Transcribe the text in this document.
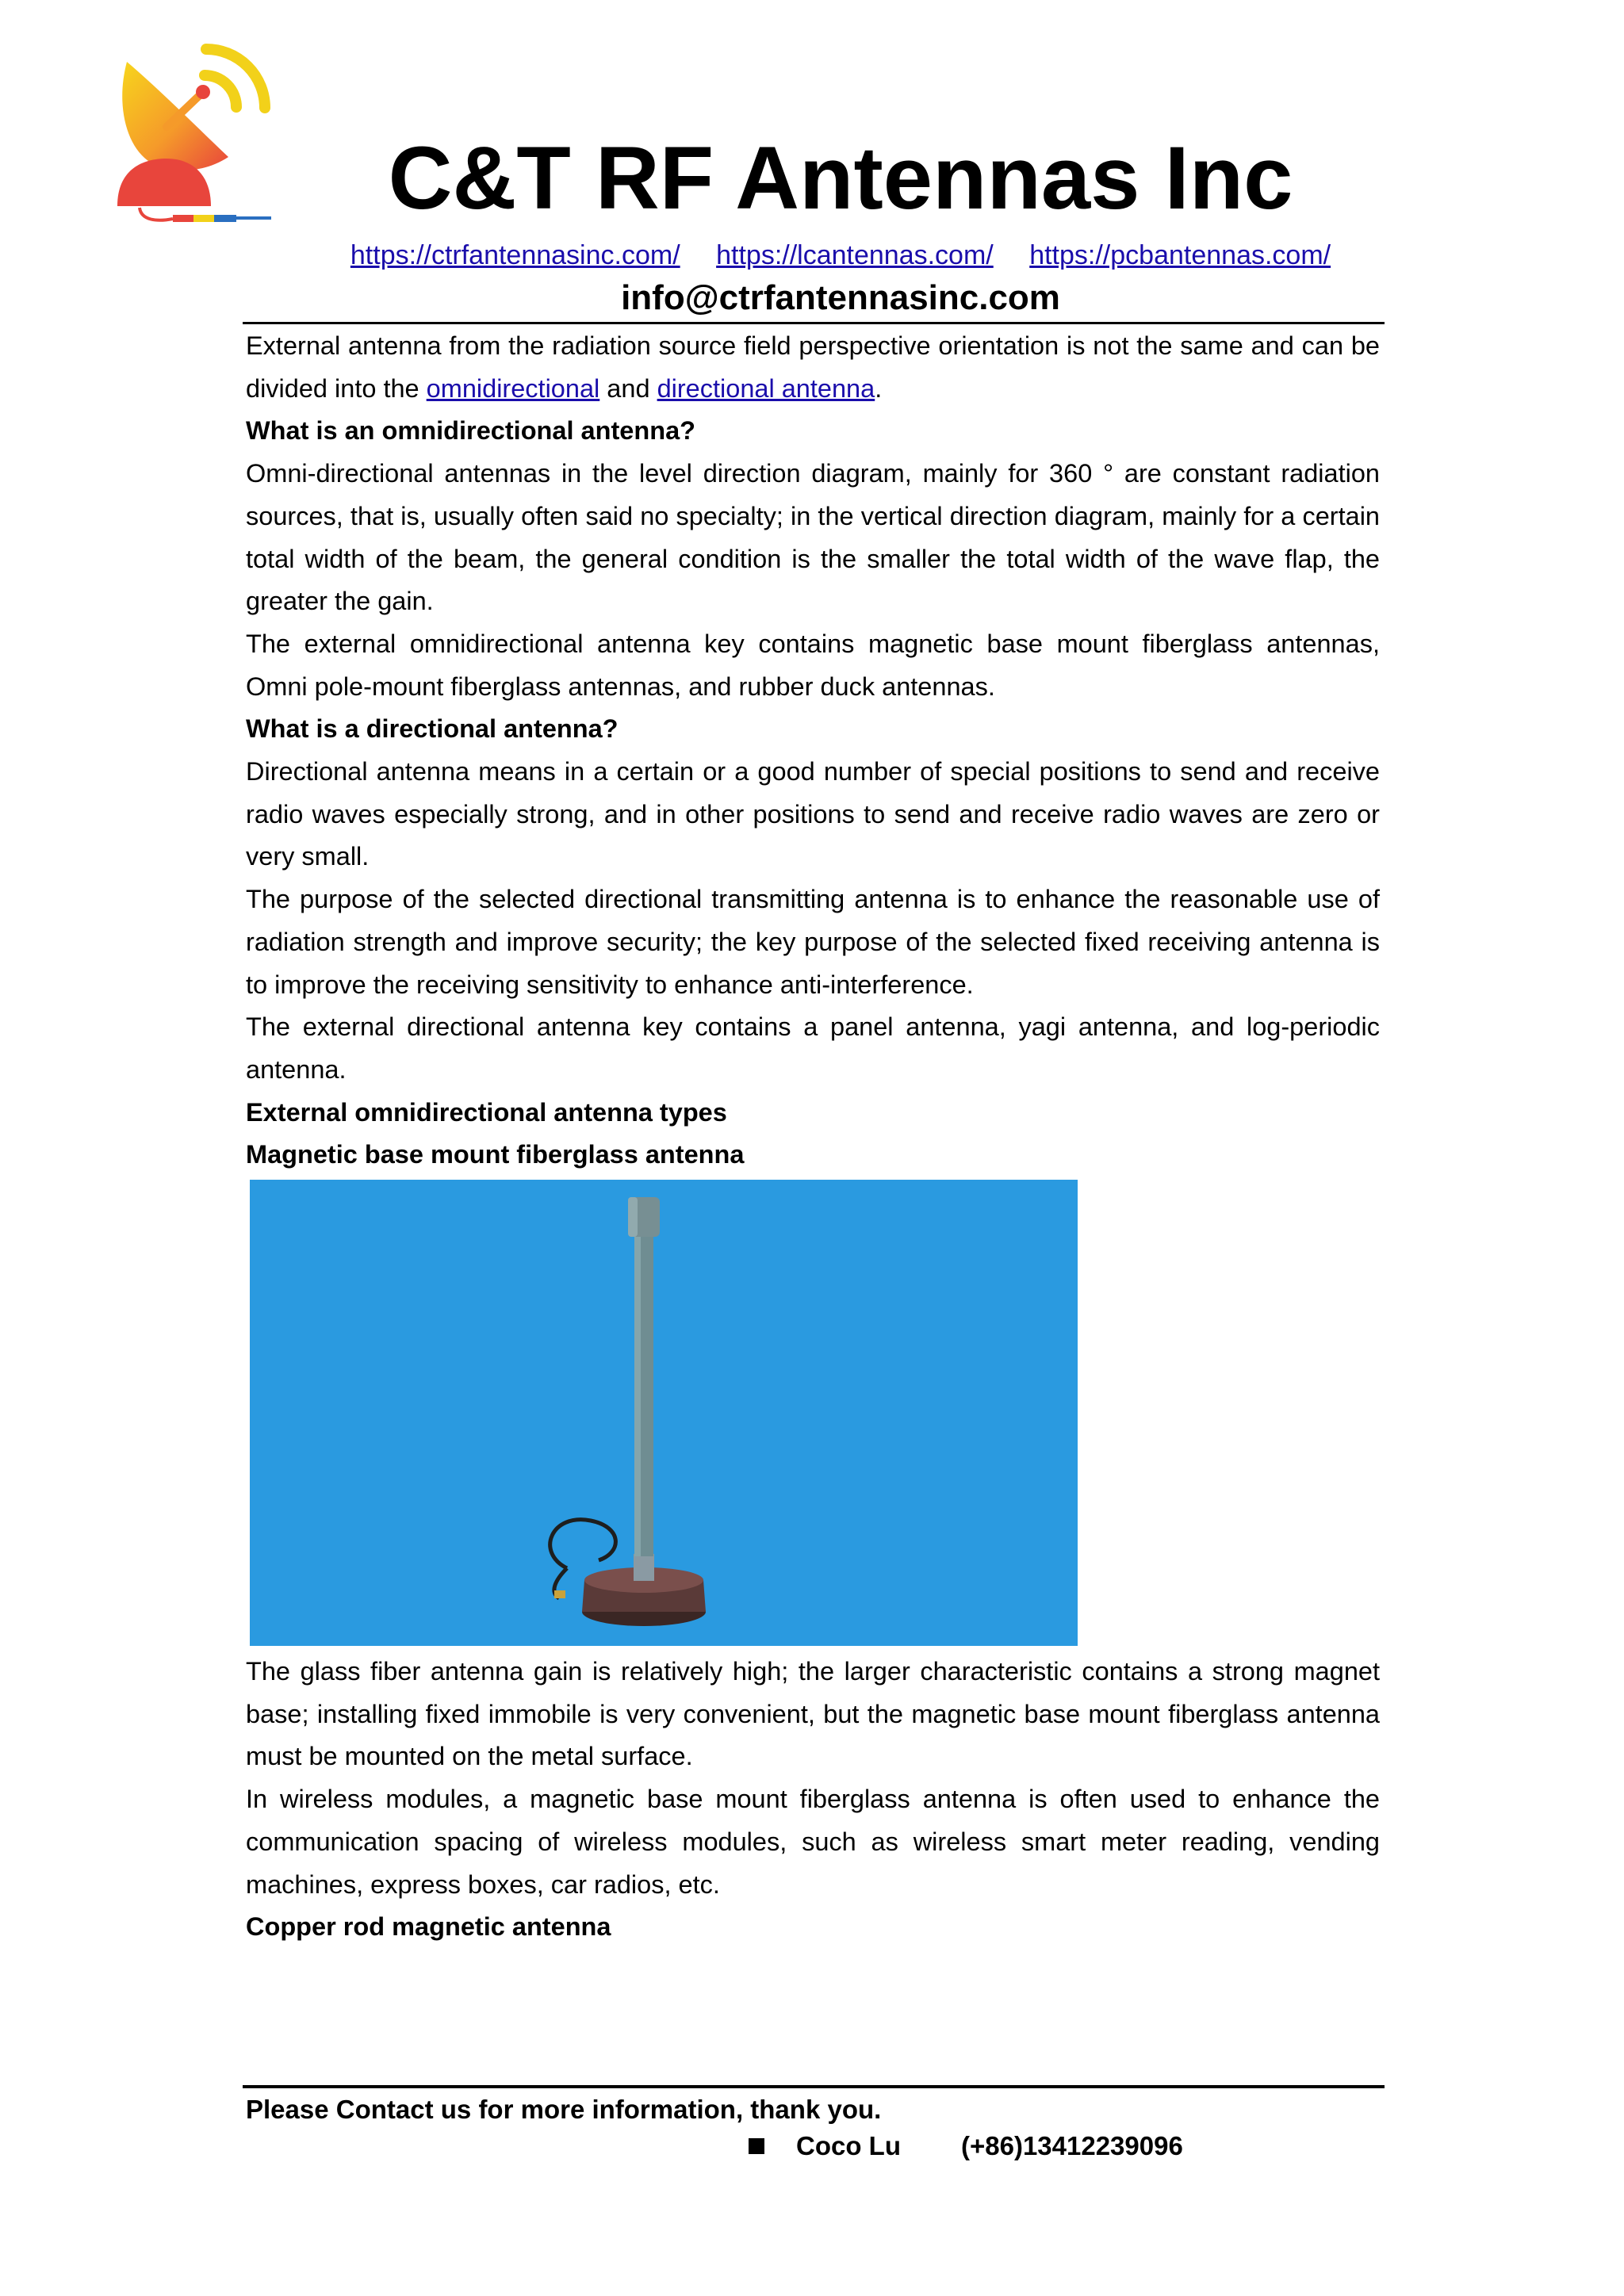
C&T RF Antennas Inc
https://ctrfantennasinc.com/ https://lcantennas.com/ https://pcbantennas.com/
info@ctrfantennasinc.com

External antenna from the radiation source field perspective orientation is not the same and can be divided into the omnidirectional and directional antenna.

What is an omnidirectional antenna?

Omni-directional antennas in the level direction diagram, mainly for 360 ° are constant radiation sources, that is, usually often said no specialty; in the vertical direction diagram, mainly for a certain total width of the beam, the general condition is the smaller the total width of the wave flap, the greater the gain.

The external omnidirectional antenna key contains magnetic base mount fiberglass antennas, Omni pole-mount fiberglass antennas, and rubber duck antennas.

What is a directional antenna?

Directional antenna means in a certain or a good number of special positions to send and receive radio waves especially strong, and in other positions to send and receive radio waves are zero or very small.

The purpose of the selected directional transmitting antenna is to enhance the reasonable use of radiation strength and improve security; the key purpose of the selected fixed receiving antenna is to improve the receiving sensitivity to enhance anti-interference.

The external directional antenna key contains a panel antenna, yagi antenna, and log-periodic antenna.

External omnidirectional antenna types

Magnetic base mount fiberglass antenna

The glass fiber antenna gain is relatively high; the larger characteristic contains a strong magnet base; installing fixed immobile is very convenient, but the magnetic base mount fiberglass antenna must be mounted on the metal surface.

In wireless modules, a magnetic base mount fiberglass antenna is often used to enhance the communication spacing of wireless modules, such as wireless smart meter reading, vending machines, express boxes, car radios, etc.

Copper rod magnetic antenna

Please Contact us for more information, thank you.
Coco Lu (+86)13412239096
